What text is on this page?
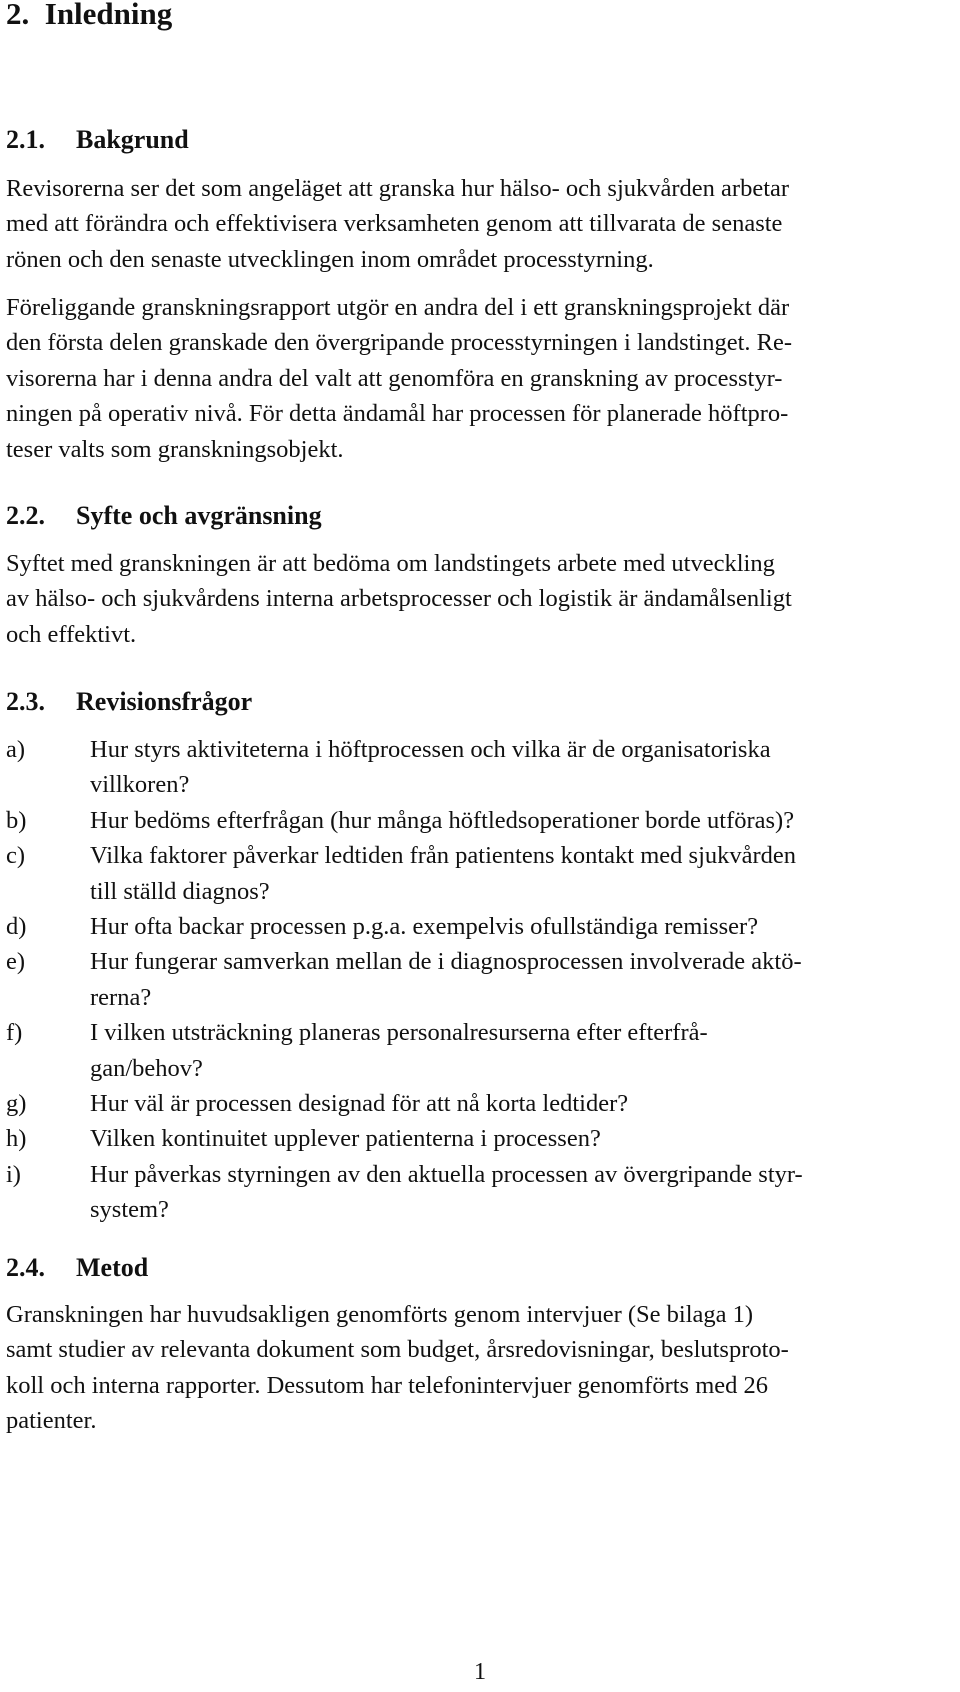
2. Inledning
2.1. Bakgrund
Revisorerna ser det som angeläget att granska hur hälso- och sjukvården arbetar
med att förändra och effektivisera verksamheten genom att tillvarata de senaste
rönen och den senaste utvecklingen inom området processtyrning.
Föreliggande granskningsrapport utgör en andra del i ett granskningsprojekt där
den första delen granskade den övergripande processtyrningen i landstinget. Re-
visorerna har i denna andra del valt att genomföra en granskning av processtyr-
ningen på operativ nivå. För detta ändamål har processen för planerade höftpro-
teser valts som granskningsobjekt.
2.2. Syfte och avgränsning
Syftet med granskningen är att bedöma om landstingets arbete med utveckling
av hälso- och sjukvårdens interna arbetsprocesser och logistik är ändamålsenligt
och effektivt.
2.3. Revisionsfrågor
a)	Hur styrs aktiviteterna i höftprocessen och vilka är de organisatoriska
villkoren?
b)	Hur bedöms efterfrågan (hur många höftledsoperationer borde utföras)?
c)	Vilka faktorer påverkar ledtiden från patientens kontakt med sjukvården
till ställd diagnos?
d)	Hur ofta backar processen p.g.a. exempelvis ofullständiga remisser?
e)	Hur fungerar samverkan mellan de i diagnosprocessen involverade aktö-
rerna?
f)	I vilken utsträckning planeras personalresurserna efter efterfrå-
gan/behov?
g)	Hur väl är processen designad för att nå korta ledtider?
h)	Vilken kontinuitet upplever patienterna i processen?
i)	Hur påverkas styrningen av den aktuella processen av övergripande styr-
system?
2.4. Metod
Granskningen har huvudsakligen genomförts genom intervjuer (Se bilaga 1)
samt studier av relevanta dokument som budget, årsredovisningar, beslutsproto-
koll och interna rapporter. Dessutom har telefonintervjuer genomförts med 26
patienter.
1
